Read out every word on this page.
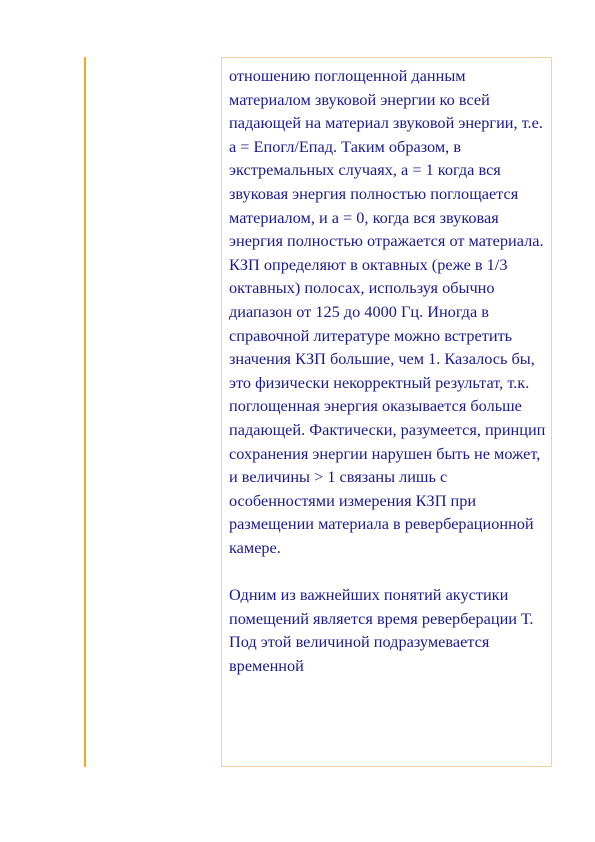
отношению поглощенной данным материалом звуковой энергии ко всей падающей на материал звуковой энергии, т.е. а = Епогл/Епад. Таким образом, в экстремальных случаях, а = 1 когда вся звуковая энергия полностью поглощается материалом, и а = 0, когда вся звуковая энергия полностью отражается от материала. КЗП определяют в октавных (реже в 1/3 октавных) полосах, используя обычно диапазон от 125 до 4000 Гц. Иногда в справочной литературе можно встретить значения КЗП большие, чем 1. Казалось бы, это физически некорректный результат, т.к. поглощенная энергия оказывается больше падающей. Фактически, разумеется, принцип сохранения энергии нарушен быть не может, и величины > 1 связаны лишь с особенностями измерения КЗП при размещении материала в реверберационной камере.

Одним из важнейших понятий акустики помещений является время реверберации Т. Под этой величиной подразумевается временной
